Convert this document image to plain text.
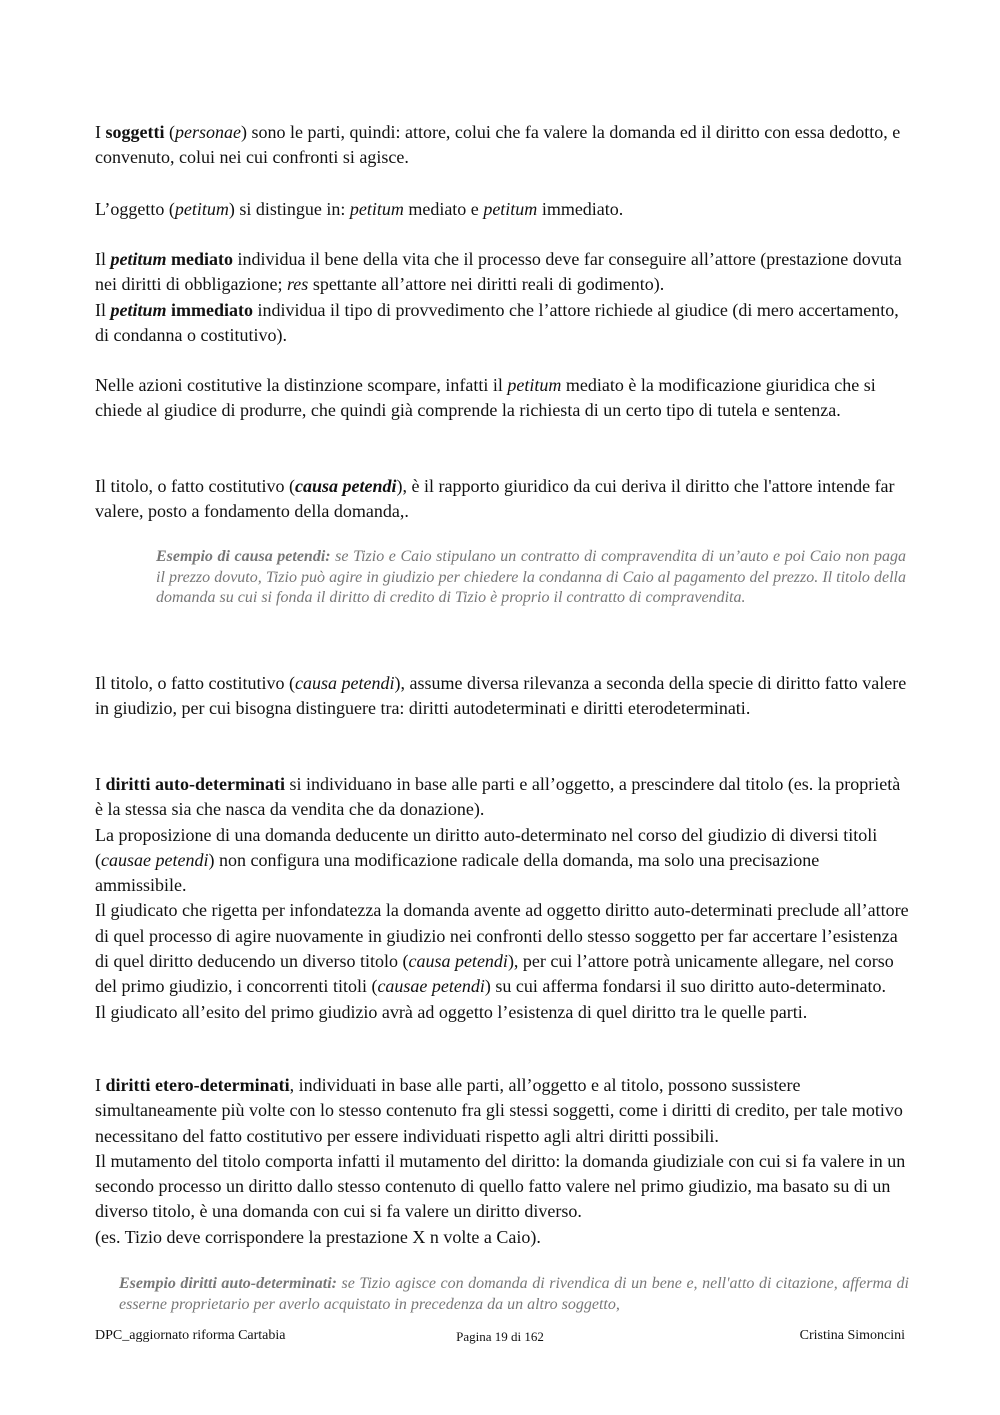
I soggetti (personae) sono le parti, quindi: attore, colui che fa valere la domanda ed il diritto con essa dedotto, e convenuto, colui nei cui confronti si agisce.

L’oggetto (petitum) si distingue in: petitum mediato e petitum immediato.

Il petitum mediato individua il bene della vita che il processo deve far conseguire all’attore (prestazione dovuta nei diritti di obbligazione; res spettante all’attore nei diritti reali di godimento).
Il petitum immediato individua il tipo di provvedimento che l’attore richiede al giudice (di mero accertamento, di condanna o costitutivo).

Nelle azioni costitutive la distinzione scompare, infatti il petitum mediato è la modificazione giuridica che si chiede al giudice di produrre, che quindi già comprende la richiesta di un certo tipo di tutela e sentenza.

Il titolo, o fatto costitutivo (causa petendi), è il rapporto giuridico da cui deriva il diritto che l'attore intende far valere, posto a fondamento della domanda,.

Esempio di causa petendi: se Tizio e Caio stipulano un contratto di compravendita di un’auto e poi Caio non paga il prezzo dovuto, Tizio può agire in giudizio per chiedere la condanna di Caio al pagamento del prezzo. Il titolo della domanda su cui si fonda il diritto di credito di Tizio è proprio il contratto di compravendita.

Il titolo, o fatto costitutivo (causa petendi), assume diversa rilevanza a seconda della specie di diritto fatto valere in giudizio, per cui bisogna distinguere tra: diritti autodeterminati e diritti eterodeterminati.

I diritti auto-determinati si individuano in base alle parti e all’oggetto, a prescindere dal titolo (es. la proprietà è la stessa sia che nasca da vendita che da donazione).
La proposizione di una domanda deducente un diritto auto-determinato nel corso del giudizio di diversi titoli (causae petendi) non configura una modificazione radicale della domanda, ma solo una precisazione ammissibile.
Il giudicato che rigetta per infondatezza la domanda avente ad oggetto diritto auto-determinati preclude all’attore di quel processo di agire nuovamente in giudizio nei confronti dello stesso soggetto per far accertare l’esistenza di quel diritto deducendo un diverso titolo (causa petendi), per cui l’attore potrà unicamente allegare, nel corso del primo giudizio, i concorrenti titoli (causae petendi) su cui afferma fondarsi il suo diritto auto-determinato.
Il giudicato all’esito del primo giudizio avrà ad oggetto l’esistenza di quel diritto tra le quelle parti.

I diritti etero-determinati, individuati in base alle parti, all’oggetto e al titolo, possono sussistere simultaneamente più volte con lo stesso contenuto fra gli stessi soggetti, come i diritti di credito, per tale motivo necessitano del fatto costitutivo per essere individuati rispetto agli altri diritti possibili.
Il mutamento del titolo comporta infatti il mutamento del diritto: la domanda giudiziale con cui si fa valere in un secondo processo un diritto dallo stesso contenuto di quello fatto valere nel primo giudizio, ma basato su di un diverso titolo, è una domanda con cui si fa valere un diritto diverso.
(es. Tizio deve corrispondere la prestazione X n volte a Caio).

Esempio diritti auto-determinati: se Tizio agisce con domanda di rivendica di un bene e, nell'atto di citazione, afferma di esserne proprietario per averlo acquistato in precedenza da un altro soggetto,

DPC_aggiornato riforma Cartabia	Pagina 19 di 162	Cristina Simoncini
